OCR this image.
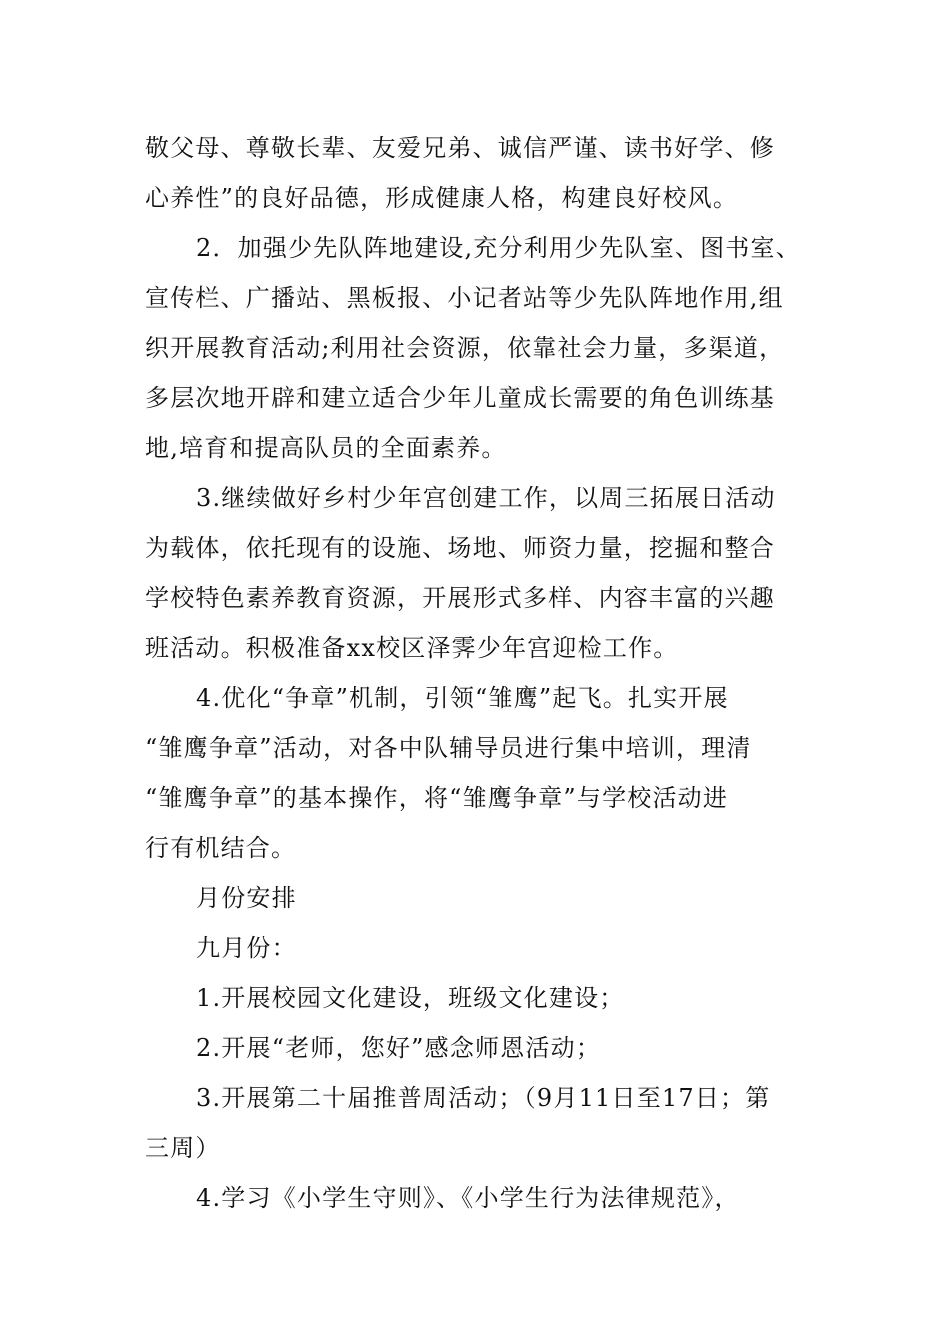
敬父母、尊敬长辈、友爱兄弟、诚信严谨、读书好学、修
心养性”的良好品德，形成健康人格，构建良好校风。
2．加强少先队阵地建设,充分利用少先队室、图书室、
宣传栏、广播站、黑板报、小记者站等少先队阵地作用,组
织开展教育活动;利用社会资源，依靠社会力量，多渠道，
多层次地开辟和建立适合少年儿童成长需要的角色训练基
地,培育和提高队员的全面素养。
3.继续做好乡村少年宫创建工作，以周三拓展日活动
为载体，依托现有的设施、场地、师资力量，挖掘和整合
学校特色素养教育资源，开展形式多样、内容丰富的兴趣
班活动。积极准备xx校区泽霁少年宫迎检工作。
4.优化“争章”机制，引领“雏鹰”起飞。扎实开展
“雏鹰争章”活动，对各中队辅导员进行集中培训，理清
“雏鹰争章”的基本操作，将“雏鹰争章”与学校活动进
行有机结合。
月份安排
九月份：
1.开展校园文化建设，班级文化建设；
2.开展“老师，您好”感念师恩活动；
3.开展第二十届推普周活动；（9月11日至17日；第
三周）
4.学习《小学生守则》、《小学生行为法律规范》，
